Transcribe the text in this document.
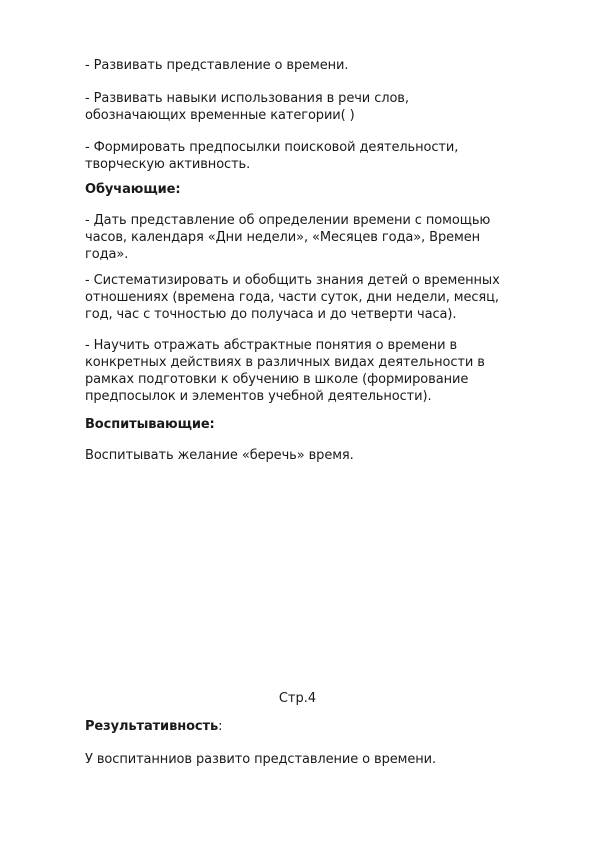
- Развивать представление о времени.

- Развивать навыки использования в речи слов,
обозначающих временные категории( )

- Формировать предпосылки поисковой деятельности,
творческую активность.

Обучающие:

- Дать представление об определении времени с помощью
часов, календаря «Дни недели», «Месяцев года», Времен
года».

- Систематизировать и обобщить знания детей о временных
отношениях (времена года, части суток, дни недели, месяц,
год, час с точностью до получаса и до четверти часа).

- Научить отражать абстрактные понятия о времени в
конкретных действиях в различных видах деятельности в
рамках подготовки к обучению в школе (формирование
предпосылок и элементов учебной деятельности).

Воспитывающие:

Воспитывать желание «беречь» время.

Стр.4

Результативность:

У воспитанниов развито представление о времени.
